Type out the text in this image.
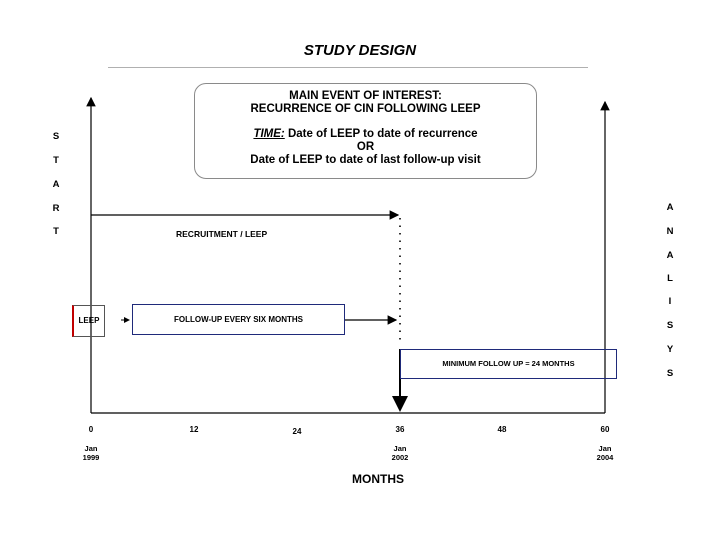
STUDY DESIGN
MAIN EVENT OF INTEREST:
RECURRENCE OF CIN FOLLOWING LEEP
TIME: Date of LEEP to date of recurrence
OR
Date of LEEP to date of last follow-up visit
S
T
A
R
T
A
N
A
L
I
S
Y
S
RECRUITMENT / LEEP
LEEP	FOLLOW-UP EVERY SIX MONTHS
MINIMUM FOLLOW UP = 24 MONTHS
0	12	24	36	48	60
Jan
1999
Jan
2002
Jan
2004
MONTHS
